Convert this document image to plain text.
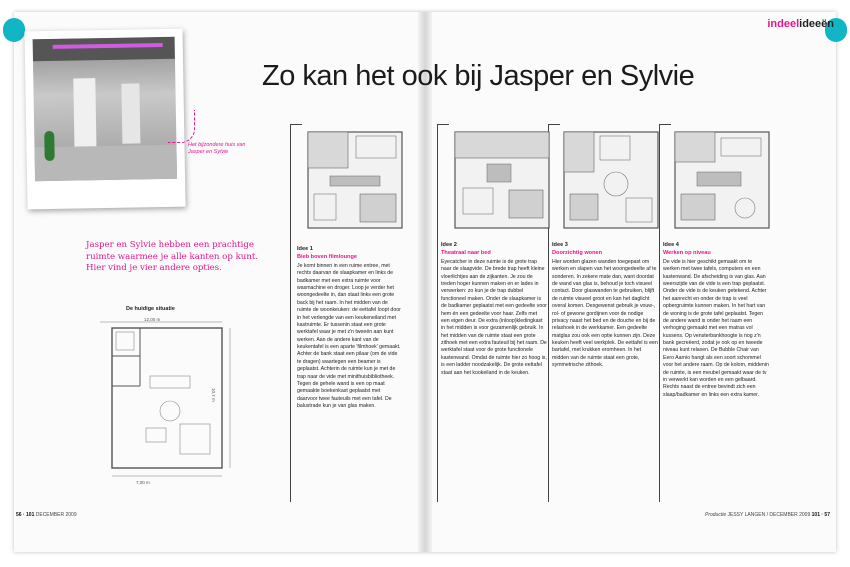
indeelideeën
Het bijzondere huis van Jasper en Sylvie
Jasper en Sylvie hebben een prachtige ruimte waarmee je alle kanten op kunt. Hier vind je vier andere opties.
De huidige situatie
12,00 m
10,7 m
7,00 m
Zo kan het ook bij Jasper en Sylvie
Idee 1
Bieb boven filmlounge
Je komt binnen in een ruime entree, met rechts daarvan de slaapkamer en links de badkamer met een extra ruimte voor wasmachine en droger. Loop je verder het woongedeelte in, dan staat links een grote back bij het raam. In het midden van de ruimte de woonkeuken: de eettafel loopt door in het verlengde van een keukeneiland met kastruimte. Er tussenin staat een grote werktafel waar je met z'n tweeën aan kunt werken. Aan de andere kant van de keukentafel is een aparte 'filmhoek' gemaakt. Achter de bank staat een pilaar (om de vide te dragen) waartegen een beamer is geplaatst. Achterin de ruimte kun je met de trap naar de vide met minithuisbibliotheek. Tegen de gehele wand is een op maat gemaakte boekenkast geplaatst met daarvoor twee fauteuils met een tafel. De balustrade kun je van glas maken.
Idee 2
Theatraal naar bed
Eyecatcher in deze ruimte is de grote trap naar de slaapvide. De brede trap heeft kleine vloerlichtjes aan de zijkanten. Je zou de treden hoger kunnen maken en er lades in verwerken: zo kun je de trap dubbel functioneel maken. Onder de slaapkamer is de badkamer geplaatst met een gedeelte voor hem én een gedeelte voor haar. Zelfs met een eigen deur. De extra (inloop)kledingkast in het midden is voor gezamenlijk gebruik. In het midden van de ruimte staat een grote zithoek met een extra fauteuil bij het raam. De werktafel staat voor de grote functionele kastenwand. Omdat de ruimte hier zo hoog is, is een ladder noodzakelijk. De grote eettafel staat aan het kookeiland in de keuken.
Idee 3
Doorzichtig wonen
Hier worden glazen wanden toegepast om werken en slapen van het woongedeelte af te sonderen. In zekere mate dan, want doordat de wand van glas is, behoud je toch visueel contact. Door glaswanden te gebruiken, blijft de ruimte visueel groot en kan het daglicht overal komen. Desgewenst gebruik je vouw-, rol- of gewone gordijnen voor de nodige privacy naast het bed en de douche en bij de relaxhoek in de werkkamer. Een gedeelte matglas zou ook een optie kunnen zijn. Deze keuken heeft veel werkplek. De eettafel is een bartafel, met krukken eromheen. In het midden van de ruimte staat een grote, symmetrische zithoek.
Idee 4
Werken op niveau
De vide is hier geschikt gemaakt om te werken met twee tafels, computers en een kastenwand. De afscheiding is van glas. Aan weerszijde van de vide is een trap geplaatst. Onder de vide is de keuken getekend. Achter het aanrecht en onder de trap is veel opbergruimte kunnen maken. In het hart van de woning is de grote tafel geplaatst. Tegen de andere wand is onder het raam een verhoging gemaakt met een matras vol kussens. Op vensterbankhoogte is nog z'n bank gecreëerd, zodat je ook op en tweede niveau kunt relaxen. De Bubble Chair van Eero Aarnio hangt als een soort schommel voor het andere raam. Op de kolom, middenin de ruimte, is een meubel gemaakt waar de tv in verwerkt kan worden en een gelbaard. Rechts naast de entree bevindt zich een slaap/badkamer en links een extra kamer.
56 · 101 DECEMBER 2009	Productie JESSY LANGEN / DECEMBER 2009 101 · 57
